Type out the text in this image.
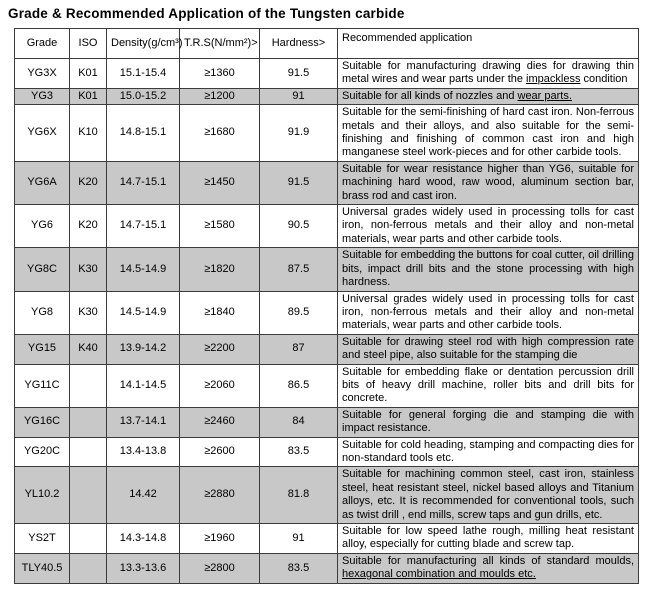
Grade & Recommended Application of the Tungsten carbide
Grade	ISO	Density(g/cm³)	T.R.S(N/mm²)>	Hardness>	Recommended application
YG3X	K01	15.1-15.4	≥1360	91.5	Suitable for manufacturing drawing dies for drawing thin metal wires and wear parts under the impackless condition
YG3	K01	15.0-15.2	≥1200	91	Suitable for all kinds of nozzles and wear parts.
YG6X	K10	14.8-15.1	≥1680	91.9	Suitable for the semi-finishing of hard cast iron. Non-ferrous metals and their alloys, and also suitable for the semi-finishing and finishing of common cast iron and high manganese steel work-pieces and for other carbide tools.
YG6A	K20	14.7-15.1	≥1450	91.5	Suitable for wear resistance higher than YG6, suitable for machining hard wood, raw wood, aluminum section bar, brass rod and cast iron.
YG6	K20	14.7-15.1	≥1580	90.5	Universal grades widely used in processing tolls for cast iron, non-ferrous metals and their alloy and non-metal materials, wear parts and other carbide tools.
YG8C	K30	14.5-14.9	≥1820	87.5	Suitable for embedding the buttons for coal cutter, oil drilling bits, impact drill bits and the stone processing with high hardness.
YG8	K30	14.5-14.9	≥1840	89.5	Universal grades widely used in processing tolls for cast iron, non-ferrous metals and their alloy and non-metal materials, wear parts and other carbide tools.
YG15	K40	13.9-14.2	≥2200	87	Suitable for drawing steel rod with high compression rate and steel pipe, also suitable for the stamping die
YG11C		14.1-14.5	≥2060	86.5	Suitable for embedding flake or dentation percussion drill bits of heavy drill machine, roller bits and drill bits for concrete.
YG16C		13.7-14.1	≥2460	84	Suitable for general forging die and stamping die with impact resistance.
YG20C		13.4-13.8	≥2600	83.5	Suitable for cold heading, stamping and compacting dies for non-standard tools etc.
YL10.2		14.42	≥2880	81.8	Suitable for machining common steel, cast iron, stainless steel, heat resistant steel, nickel based alloys and Titanium alloys, etc. It is recommended for conventional tools, such as twist drill , end mills, screw taps and gun drills, etc.
YS2T		14.3-14.8	≥1960	91	Suitable for low speed lathe rough, milling heat resistant alloy, especially for cutting blade and screw tap.
TLY40.5		13.3-13.6	≥2800	83.5	Suitable for manufacturing all kinds of standard moulds, hexagonal combination and moulds etc.
